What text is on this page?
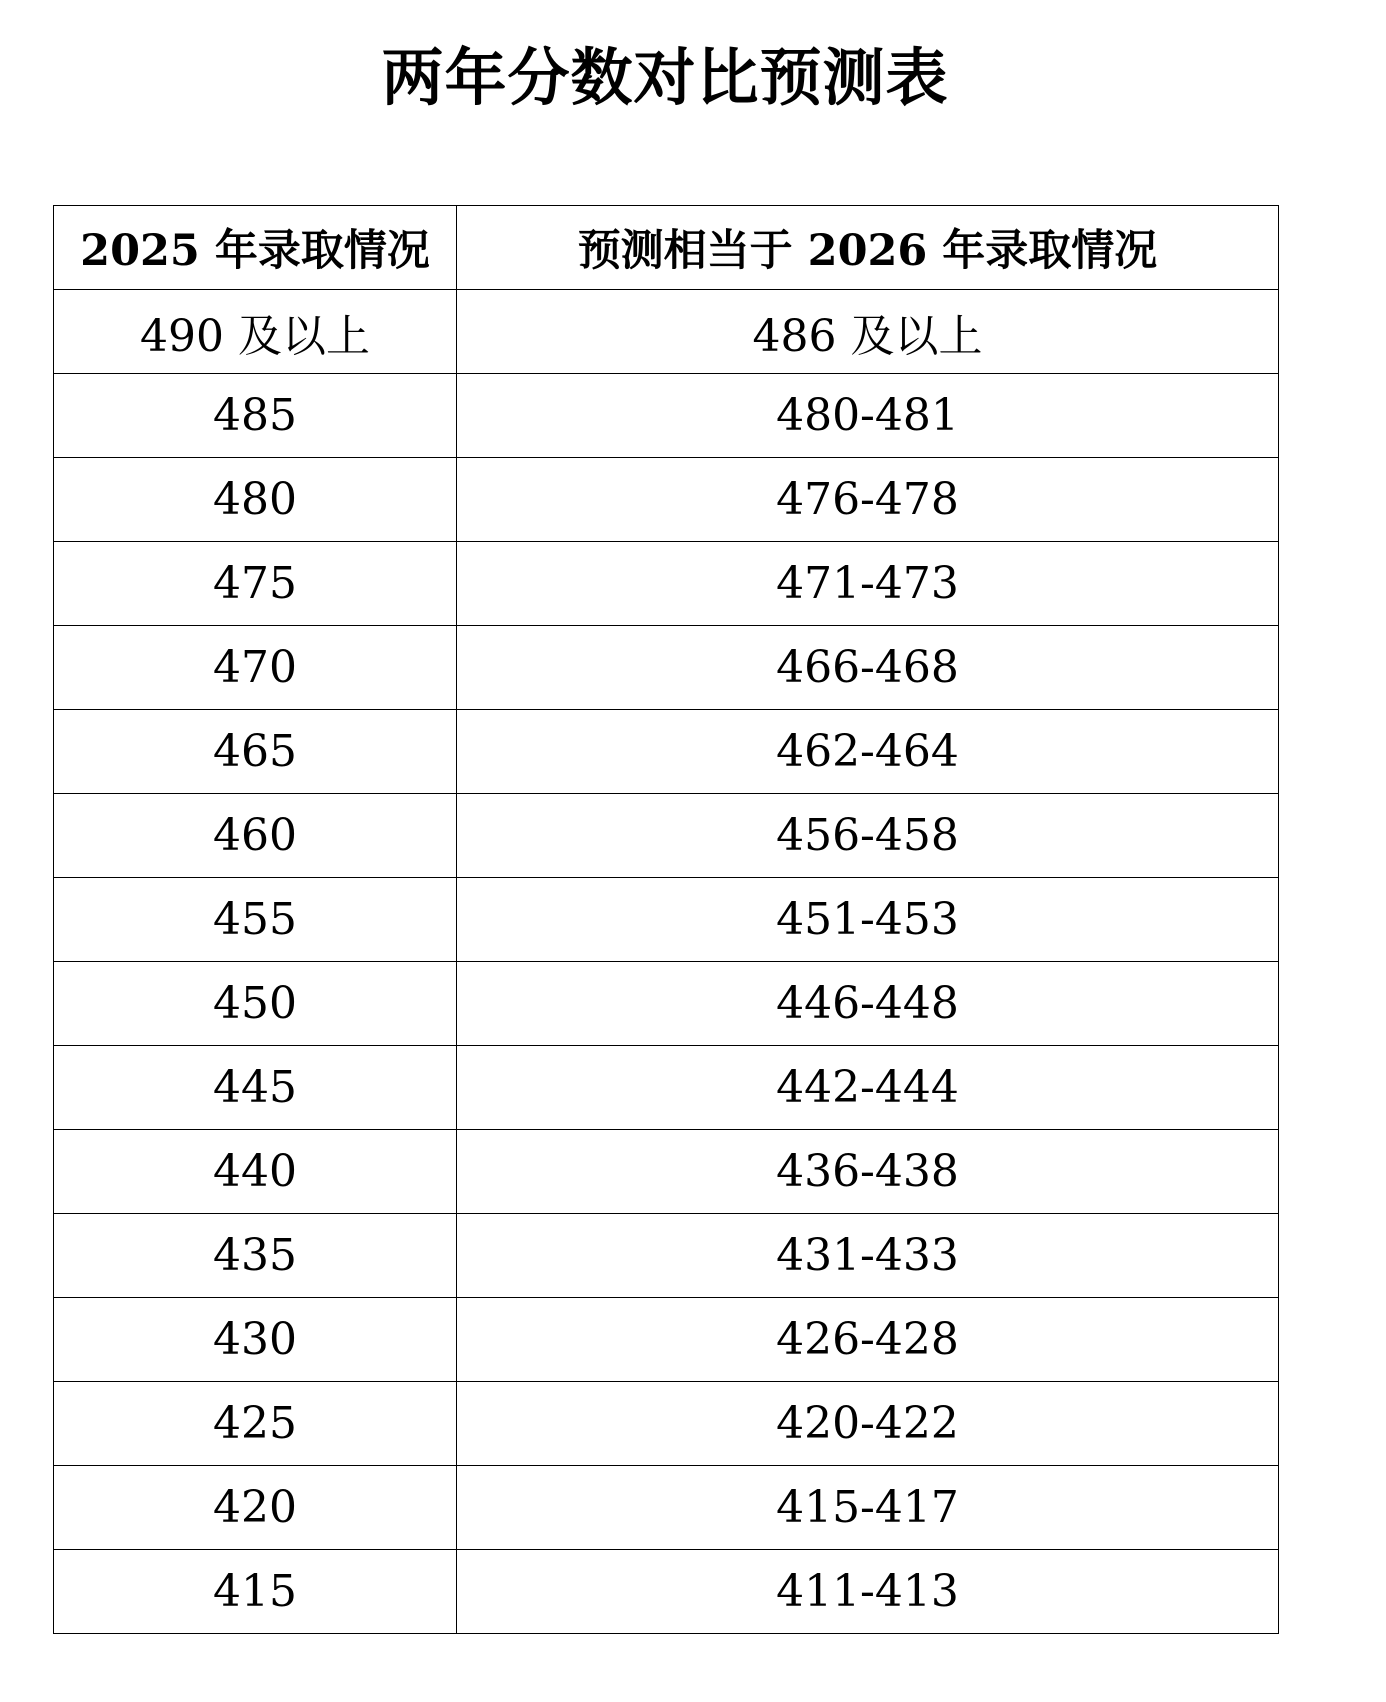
两年分数对比预测表
2025 年录取情况	预测相当于 2026 年录取情况
490 及以上	486 及以上
485	480-481
480	476-478
475	471-473
470	466-468
465	462-464
460	456-458
455	451-453
450	446-448
445	442-444
440	436-438
435	431-433
430	426-428
425	420-422
420	415-417
415	411-413
